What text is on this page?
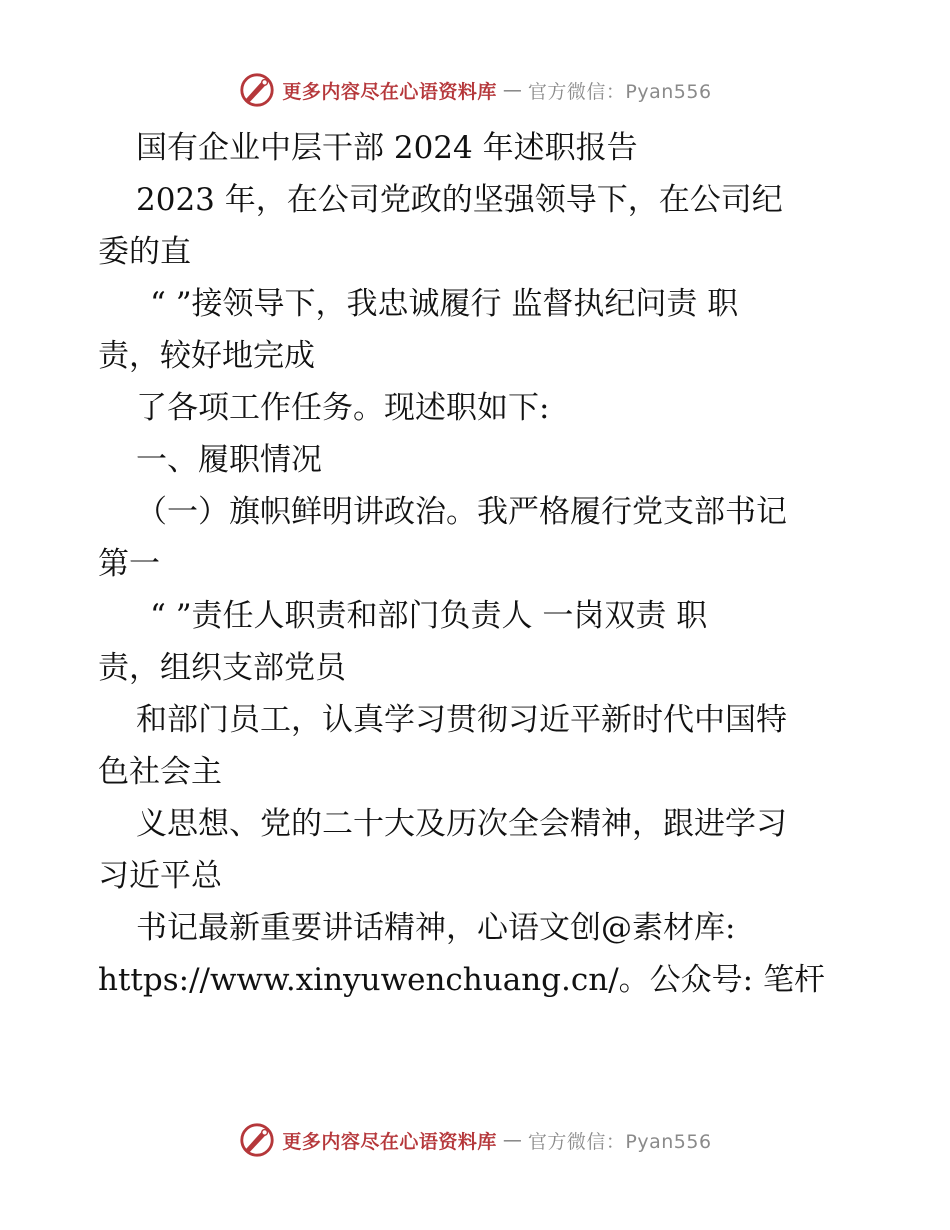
更多内容尽在心语资料库 — 官方微信：Pyan556
国有企业中层干部 2024 年述职报告
2023 年，在公司党政的坚强领导下，在公司纪
委的直
“ ”接领导下，我忠诚履行 监督执纪问责 职
责，较好地完成
了各项工作任务。现述职如下:
一、履职情况
（一）旗帜鲜明讲政治。我严格履行党支部书记
第一
“ ”责任人职责和部门负责人 一岗双责 职
责，组织支部党员
和部门员工，认真学习贯彻习近平新时代中国特
色社会主
义思想、党的二十大及历次全会精神，跟进学习
习近平总
书记最新重要讲话精神，心语文创@素材库:
https://www.xinyuwenchuang.cn/。公众号: 笔杆
更多内容尽在心语资料库 — 官方微信：Pyan556
